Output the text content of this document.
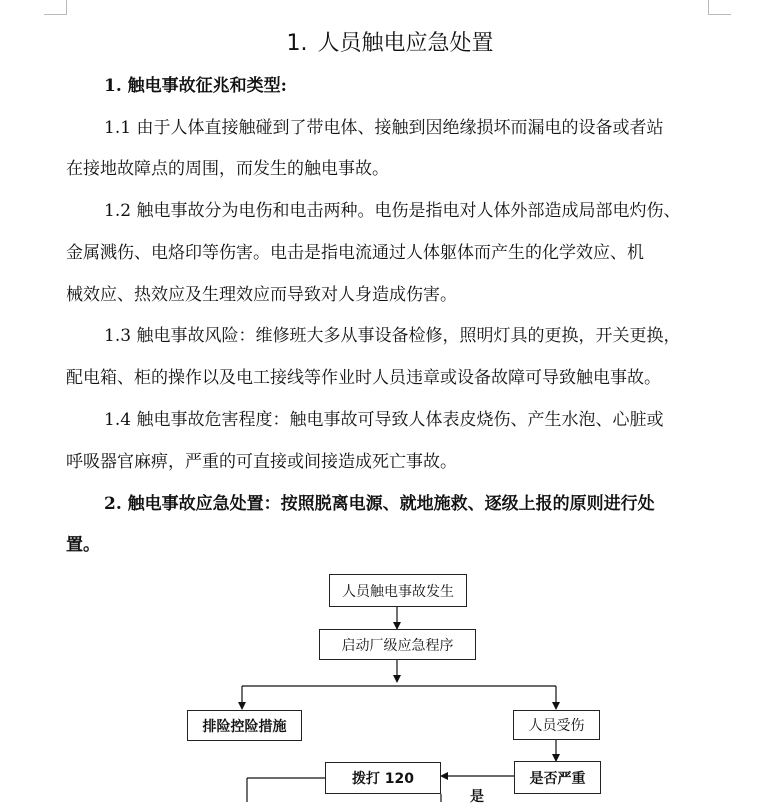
1. 人员触电应急处置
1. 触电事故征兆和类型:
1.1 由于人体直接触碰到了带电体、接触到因绝缘损坏而漏电的设备或者站
在接地故障点的周围，而发生的触电事故。
1.2 触电事故分为电伤和电击两种。电伤是指电对人体外部造成局部电灼伤、
金属溅伤、电烙印等伤害。电击是指电流通过人体躯体而产生的化学效应、机
械效应、热效应及生理效应而导致对人身造成伤害。
1.3 触电事故风险：维修班大多从事设备检修，照明灯具的更换，开关更换，
配电箱、柜的操作以及电工接线等作业时人员违章或设备故障可导致触电事故。
1.4 触电事故危害程度：触电事故可导致人体表皮烧伤、产生水泡、心脏或
呼吸器官麻痹，严重的可直接或间接造成死亡事故。
2. 触电事故应急处置：按照脱离电源、就地施救、逐级上报的原则进行处
置。
人员触电事故发生
启动厂级应急程序
排险控险措施	人员受伤
是否严重
拨打 120
是
